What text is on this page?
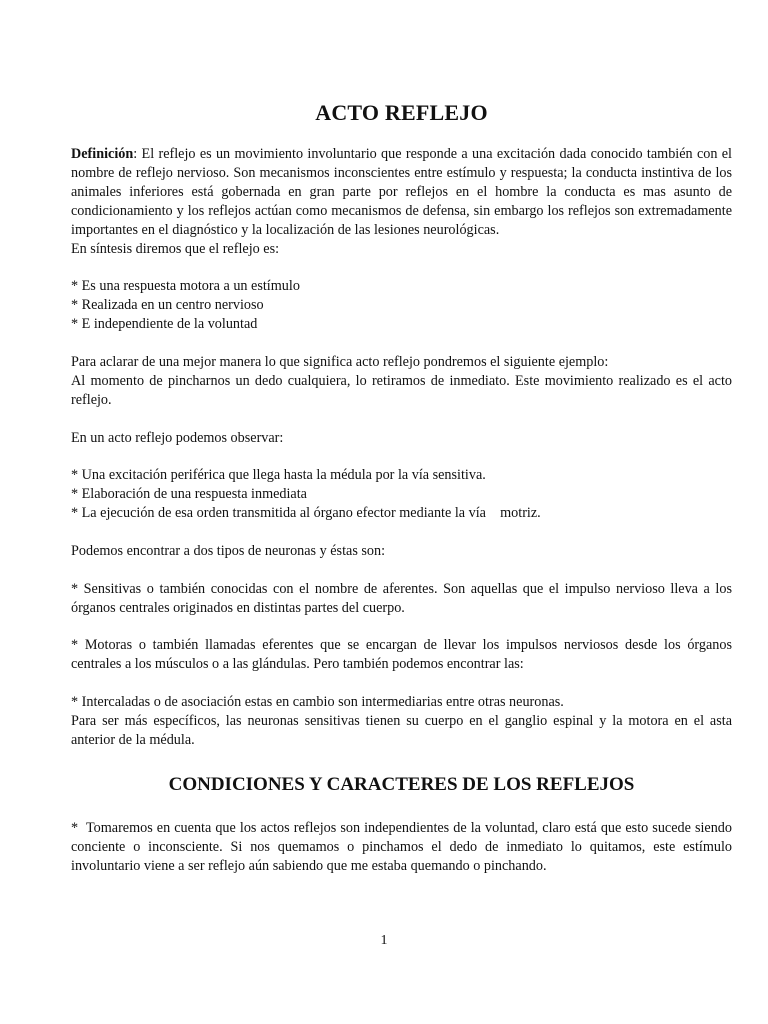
ACTO REFLEJO

Definición: El reflejo es un movimiento involuntario que responde a una excitación dada conocido también con el nombre de reflejo nervioso. Son mecanismos inconscientes entre estímulo y respuesta; la conducta instintiva de los animales inferiores está gobernada en gran parte por reflejos en el hombre la conducta es mas asunto de condicionamiento y los reflejos actúan como mecanismos de defensa, sin embargo los reflejos son extremadamente importantes en el diagnóstico y la localización de las lesiones neurológicas.

En síntesis diremos que el reflejo es:

* Es una respuesta motora a un estímulo

* Realizada en un centro nervioso

* E independiente de la voluntad

Para aclarar de una mejor manera lo que significa acto reflejo pondremos el siguiente ejemplo:

Al momento de pincharnos un dedo cualquiera, lo retiramos de inmediato. Este movimiento realizado es el acto reflejo.

En un acto reflejo podemos observar:

* Una excitación periférica que llega hasta la médula por la vía sensitiva.

* Elaboración de una respuesta inmediata

* La ejecución de esa orden transmitida al órgano efector mediante la vía    motriz.

Podemos encontrar a dos tipos de neuronas y éstas son:

* Sensitivas o también conocidas con el nombre de aferentes. Son aquellas que el impulso nervioso lleva a los órganos centrales originados en distintas partes del cuerpo.

* Motoras o también llamadas eferentes que se encargan de llevar los impulsos nerviosos desde los órganos centrales a los músculos o a las glándulas. Pero también podemos encontrar las:

* Intercaladas o de asociación estas en cambio son intermediarias entre otras neuronas.

Para ser más específicos, las neuronas sensitivas tienen su cuerpo en el ganglio espinal y la motora en el asta anterior de la médula.

CONDICIONES Y CARACTERES DE LOS REFLEJOS

*  Tomaremos en cuenta que los actos reflejos son independientes de la voluntad, claro está que esto sucede siendo conciente o inconsciente. Si nos quemamos o pinchamos el dedo de inmediato lo quitamos, este estímulo involuntario viene a ser reflejo aún sabiendo que me estaba quemando o pinchando.

1
